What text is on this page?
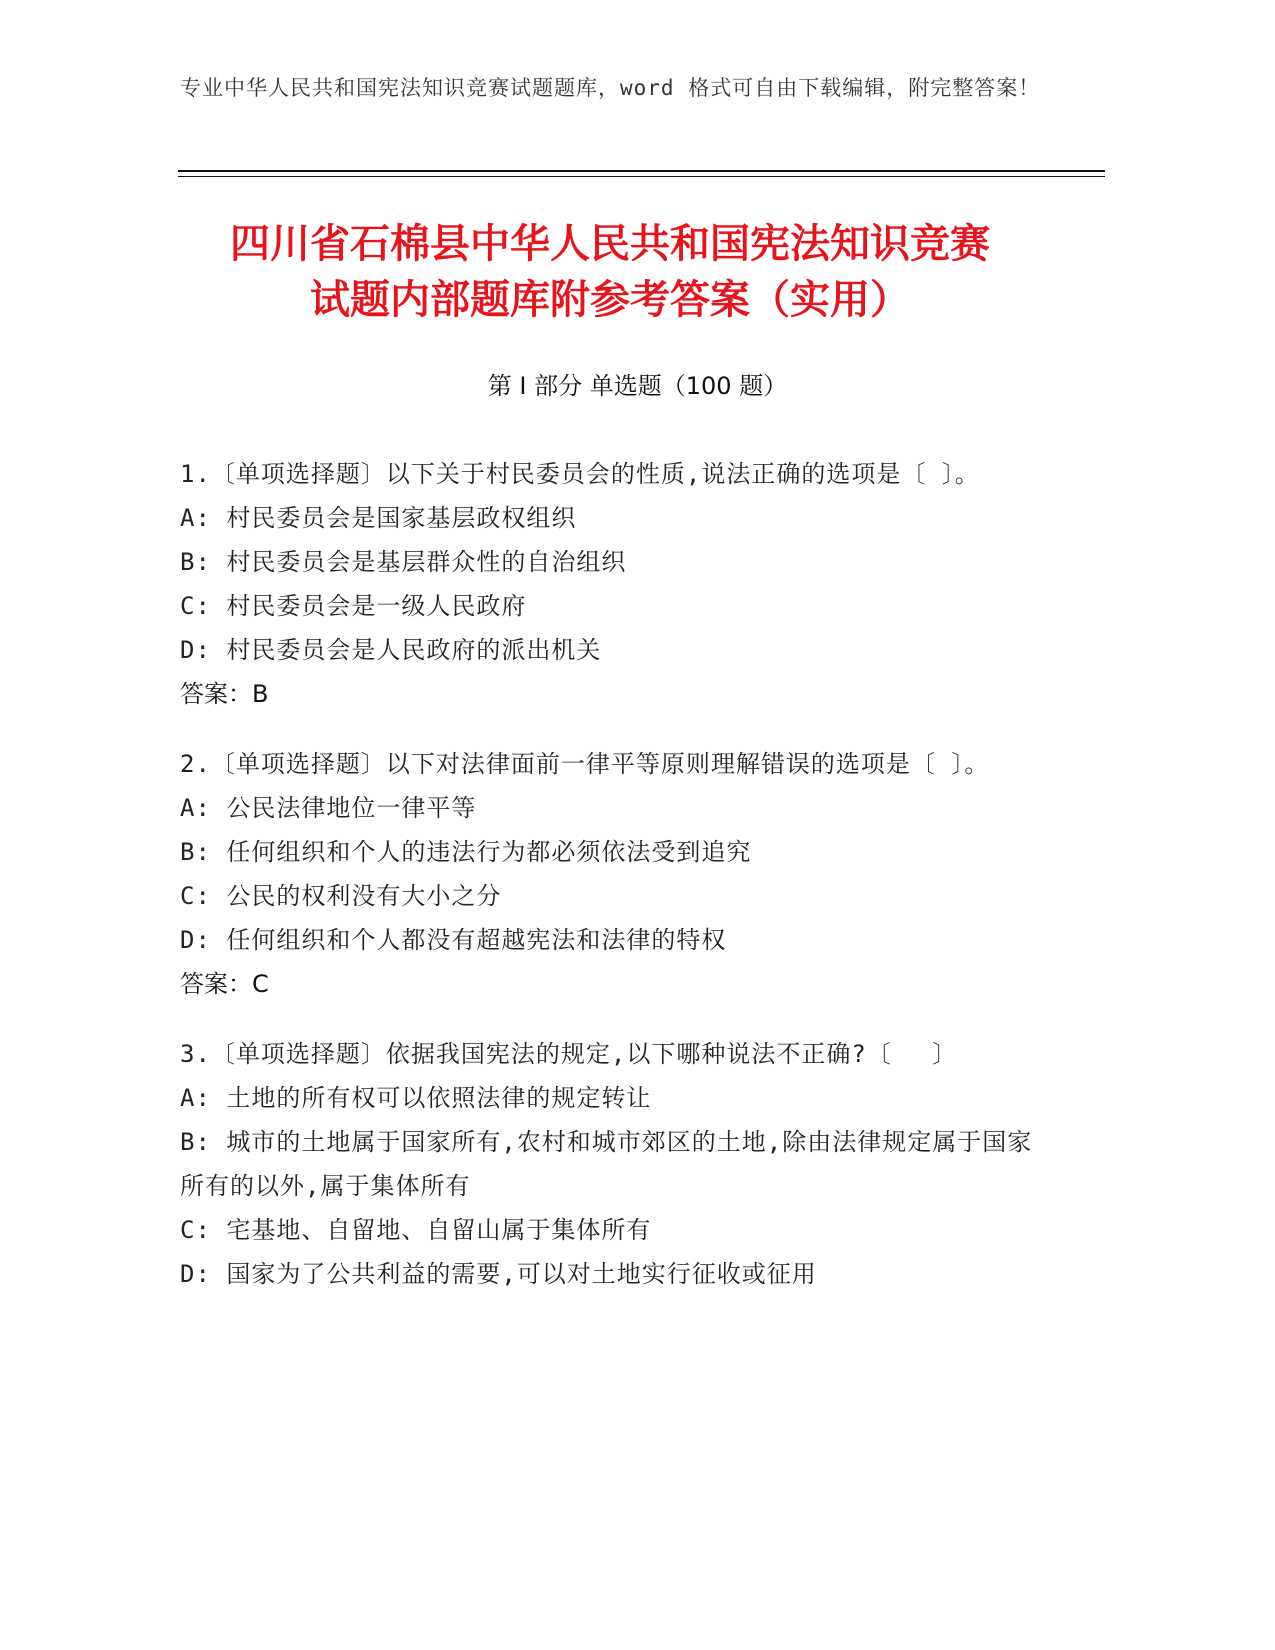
专业中华人民共和国宪法知识竞赛试题题库，word 格式可自由下载编辑，附完整答案！
四川省石棉县中华人民共和国宪法知识竞赛
试题内部题库附参考答案（实用）
第 I 部分 单选题（100 题）
1.〔单项选择题〕以下关于村民委员会的性质,说法正确的选项是〔 〕。
A: 村民委员会是国家基层政权组织
B: 村民委员会是基层群众性的自治组织
C: 村民委员会是一级人民政府
D: 村民委员会是人民政府的派出机关
答案：B
2.〔单项选择题〕以下对法律面前一律平等原则理解错误的选项是〔 〕。
A: 公民法律地位一律平等
B: 任何组织和个人的违法行为都必须依法受到追究
C: 公民的权利没有大小之分
D: 任何组织和个人都没有超越宪法和法律的特权
答案：C
3.〔单项选择题〕依据我国宪法的规定,以下哪种说法不正确?〔　 〕
A: 土地的所有权可以依照法律的规定转让
B: 城市的土地属于国家所有,农村和城市郊区的土地,除由法律规定属于国家所有的以外,属于集体所有
C: 宅基地、自留地、自留山属于集体所有
D: 国家为了公共利益的需要,可以对土地实行征收或征用
